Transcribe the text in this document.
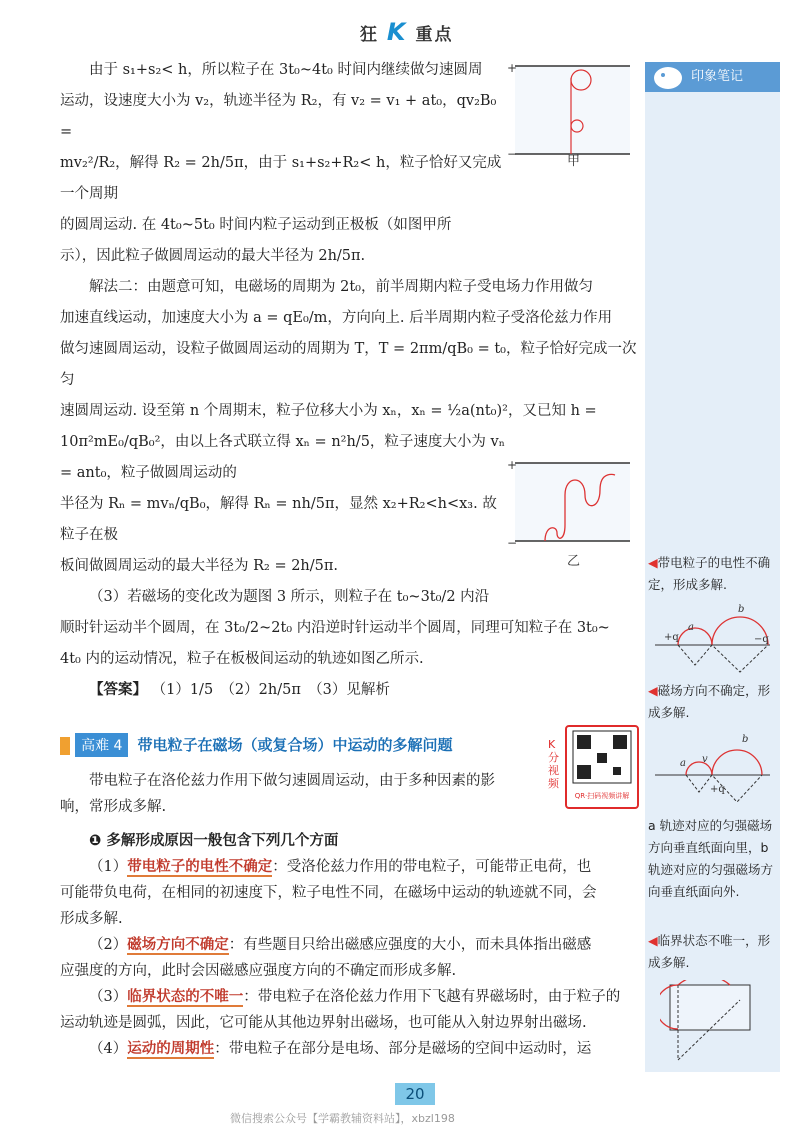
狂 K 重点

由于 s₁+s₂< h，所以粒子在 3t₀~4t₀ 时间内继续做匀速圆周

运动，设速度大小为 v₂，轨迹半径为 R₂，有 v₂ = v₁ + at₀，qv₂B₀ =

mv₂²/R₂，解得 R₂ = 2h/5π，由于 s₁+s₂+R₂< h，粒子恰好又完成一个周期

的圆周运动. 在 4t₀~5t₀ 时间内粒子运动到正极板（如图甲所

示），因此粒子做圆周运动的最大半径为 2h/5π.

解法二：由题意可知，电磁场的周期为 2t₀，前半周期内粒子受电场力作用做匀

加速直线运动，加速度大小为 a = qE₀/m，方向向上. 后半周期内粒子受洛伦兹力作用

做匀速圆周运动，设粒子做圆周运动的周期为 T，T = 2πm/qB₀ = t₀，粒子恰好完成一次匀

速圆周运动. 设至第 n 个周期末，粒子位移大小为 xₙ，xₙ = ½a(nt₀)²，又已知 h =

10π²mE₀/qB₀²，由以上各式联立得 xₙ = n²h/5，粒子速度大小为 vₙ = ant₀，粒子做圆周运动的

半径为 Rₙ = mvₙ/qB₀，解得 Rₙ = nh/5π，显然 x₂+R₂<h<x₃. 故粒子在极

板间做圆周运动的最大半径为 R₂ = 2h/5π.

（3）若磁场的变化改为题图 3 所示，则粒子在 t₀~3t₀/2 内沿

顺时针运动半个圆周，在 3t₀/2~2t₀ 内沿逆时针运动半个圆周，同理可知粒子在 3t₀~

4t₀ 内的运动情况，粒子在板极间运动的轨迹如图乙所示.

【答案】 （1）1/5　（2）2h/5π　（3）见解析

+
−	甲
+
−
乙
高难 4 带电粒子在磁场（或复合场）中运动的多解问题
QR·扫码视频讲解
K分视频

带电粒子在洛伦兹力作用下做匀速圆周运动，由于多种因素的影

响，常形成多解.

❶ 多解形成原因一般包含下列几个方面

（1）带电粒子的电性不确定：受洛伦兹力作用的带电粒子，可能带正电荷，也

可能带负电荷，在相同的初速度下，粒子电性不同，在磁场中运动的轨迹就不同，会

形成多解.

（2）磁场方向不确定：有些题目只给出磁感应强度的大小，而未具体指出磁感

应强度的方向，此时会因磁感应强度方向的不确定而形成多解.

（3）临界状态的不唯一：带电粒子在洛伦兹力作用下飞越有界磁场时，由于粒子的

运动轨迹是圆弧，因此，它可能从其他边界射出磁场，也可能从入射边界射出磁场.

（4）运动的周期性：带电粒子在部分是电场、部分是磁场的空间中运动时，运

印象笔记
◀带电粒子的电性不确定，形成多解.
+q	−q
a
b
◀磁场方向不确定，形成多解.
+q
a v
b
a 轨迹对应的匀强磁场方向垂直纸面向里，b 轨迹对应的匀强磁场方向垂直纸面向外.
◀临界状态不唯一，形成多解.
20
微信搜索公众号【学霸教辅资料站】，xbzl198
